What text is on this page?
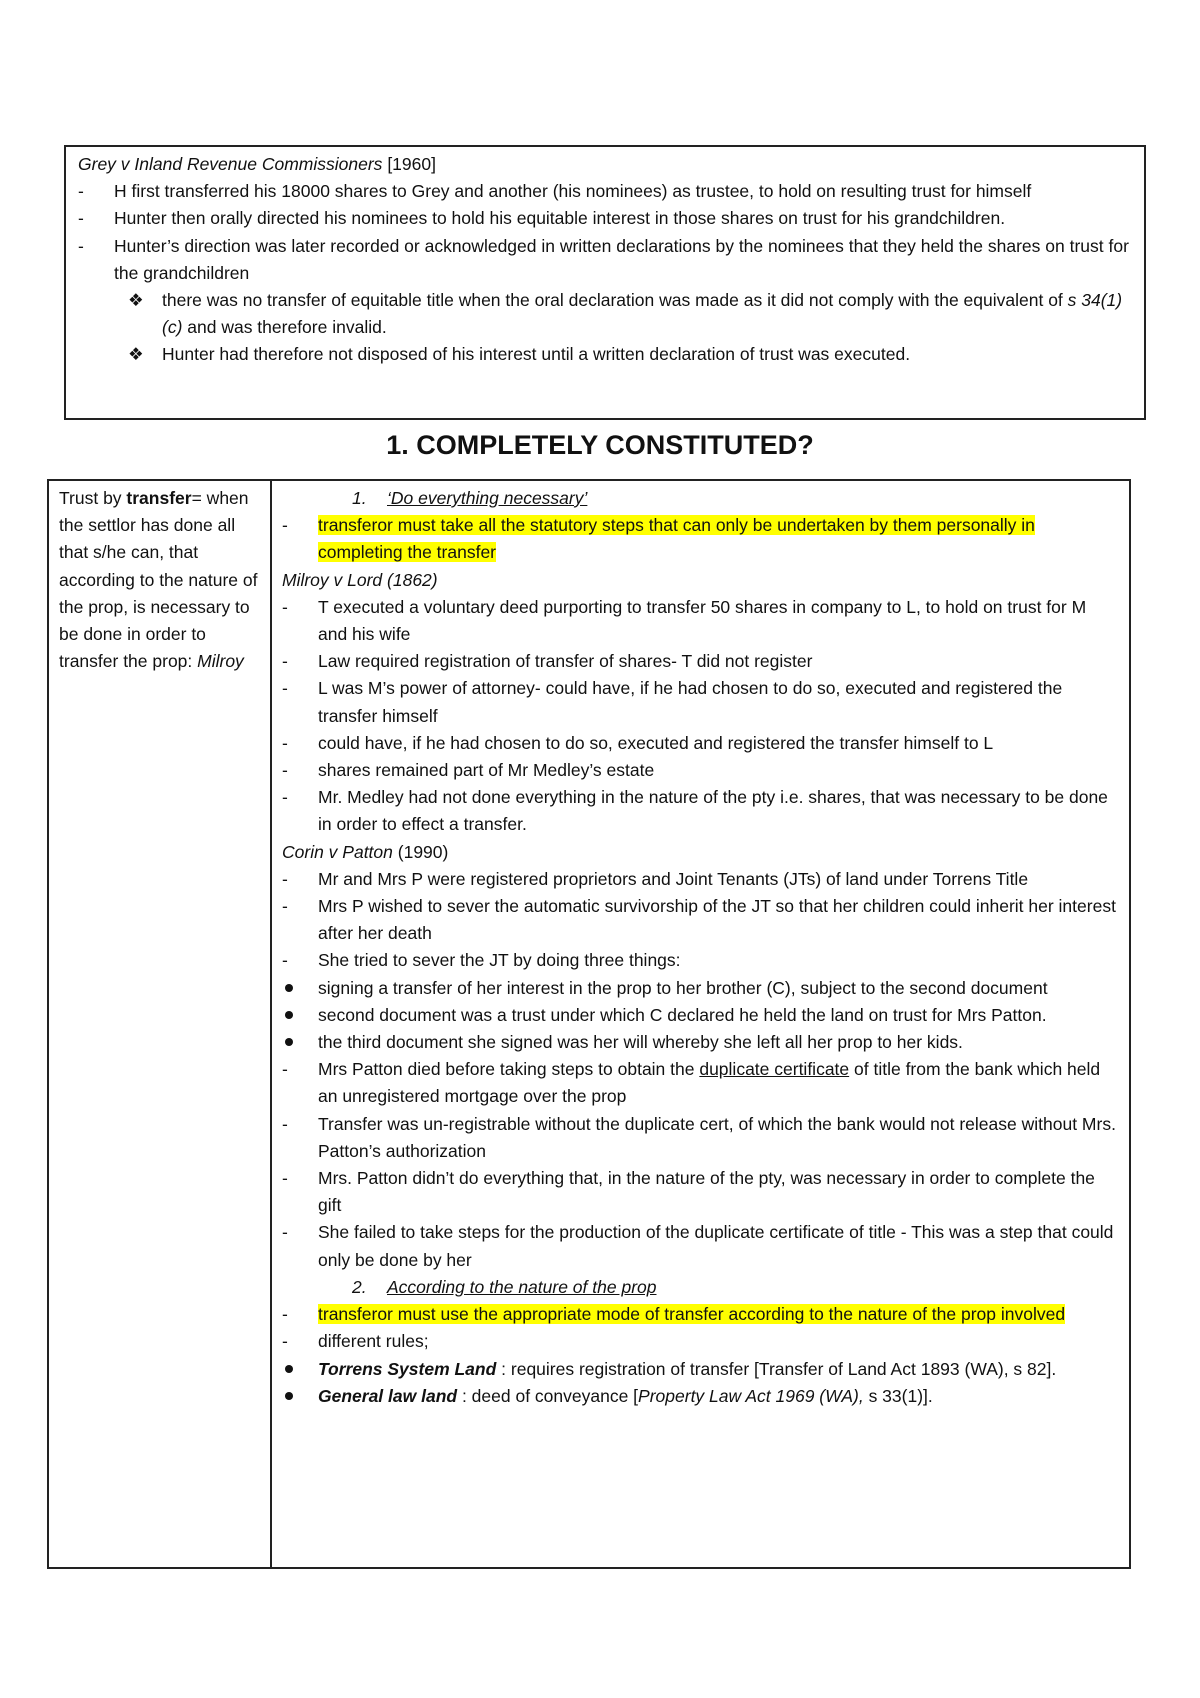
Grey v Inland Revenue Commissioners [1960]
-	H first transferred his 18000 shares to Grey and another (his nominees) as trustee, to hold on resulting trust for himself
-	Hunter then orally directed his nominees to hold his equitable interest in those shares on trust for his grandchildren.
-	Hunter’s direction was later recorded or acknowledged in written declarations by the nominees that they held the shares on trust for the grandchildren
❖	there was no transfer of equitable title when the oral declaration was made as it did not comply with the equivalent of s 34(1) (c) and was therefore invalid.
❖	Hunter had therefore not disposed of his interest until a written declaration of trust was executed.
1. COMPLETELY CONSTITUTED?
Trust by transfer= when the settlor has done all that s/he can, that according to the nature of the prop, is necessary to be done in order to transfer the prop: Milroy	
1. ‘Do everything necessary’
-	transferor must take all the statutory steps that can only be undertaken by them personally in completing the transfer
Milroy v Lord (1862)
-	T executed a voluntary deed purporting to transfer 50 shares in company to L, to hold on trust for M and his wife
-	Law required registration of transfer of shares- T did not register
-	L was M’s power of attorney- could have, if he had chosen to do so, executed and registered the transfer himself
-	could have, if he had chosen to do so, executed and registered the transfer himself to L
-	shares remained part of Mr Medley’s estate
-	Mr. Medley had not done everything in the nature of the pty i.e. shares, that was necessary to be done in order to effect a transfer.
Corin v Patton (1990)
-	Mr and Mrs P were registered proprietors and Joint Tenants (JTs) of land under Torrens Title
-	Mrs P wished to sever the automatic survivorship of the JT so that her children could inherit her interest after her death
-	She tried to sever the JT by doing three things:
signing a transfer of her interest in the prop to her brother (C), subject to the second document
second document was a trust under which C declared he held the land on trust for Mrs Patton.
the third document she signed was her will whereby she left all her prop to her kids.
-	Mrs Patton died before taking steps to obtain the duplicate certificate of title from the bank which held an unregistered mortgage over the prop
-	Transfer was un-registrable without the duplicate cert, of which the bank would not release without Mrs. Patton’s authorization
-	Mrs. Patton didn’t do everything that, in the nature of the pty, was necessary in order to complete the gift
-	She failed to take steps for the production of the duplicate certificate of title - This was a step that could only be done by her
2. According to the nature of the prop
-	transferor must use the appropriate mode of transfer according to the nature of the prop involved
-	different rules;
Torrens System Land : requires registration of transfer [Transfer of Land Act 1893 (WA), s 82].
General law land : deed of conveyance [Property Law Act 1969 (WA), s 33(1)].
